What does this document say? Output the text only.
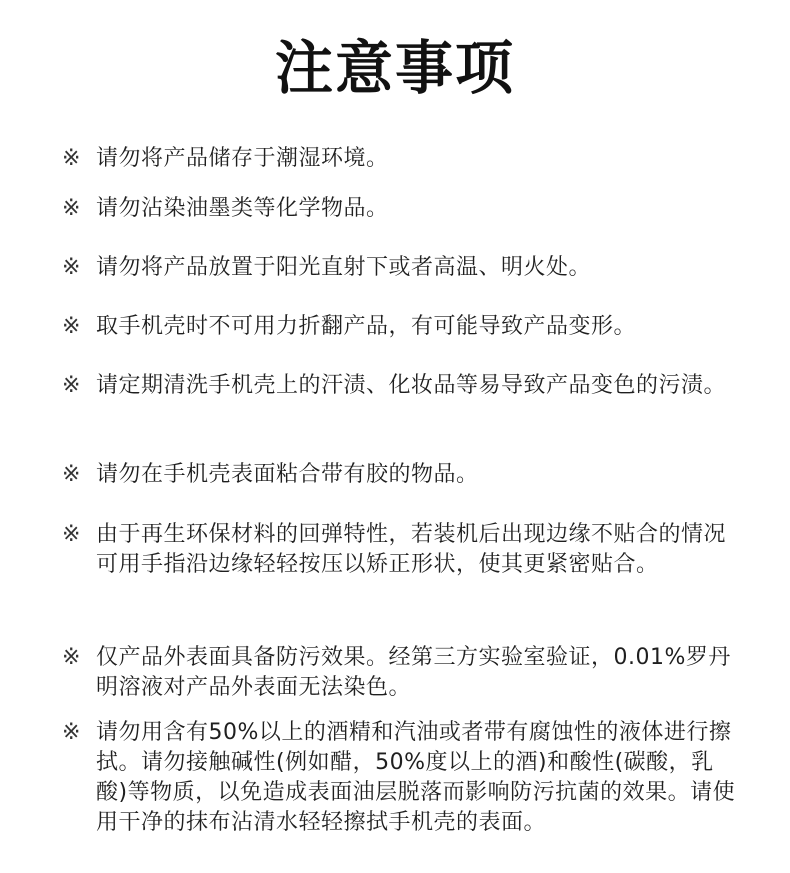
注意事项
※ 请勿将产品储存于潮湿环境。
※ 请勿沾染油墨类等化学物品。
※ 请勿将产品放置于阳光直射下或者高温、明火处。
※ 取手机壳时不可用力折翻产品，有可能导致产品变形。
※ 请定期清洗手机壳上的汗渍、化妆品等易导致产品变色的污渍。
※ 请勿在手机壳表面粘合带有胶的物品。
※ 由于再生环保材料的回弹特性，若装机后出现边缘不贴合的情况可用手指沿边缘轻轻按压以矫正形状，使其更紧密贴合。
※ 仅产品外表面具备防污效果。经第三方实验室验证，0.01%罗丹明溶液对产品外表面无法染色。
※ 请勿用含有50%以上的酒精和汽油或者带有腐蚀性的液体进行擦拭。请勿接触碱性(例如醋，50%度以上的酒)和酸性(碳酸，乳酸)等物质，以免造成表面油层脱落而影响防污抗菌的效果。请使用干净的抹布沾清水轻轻擦拭手机壳的表面。
